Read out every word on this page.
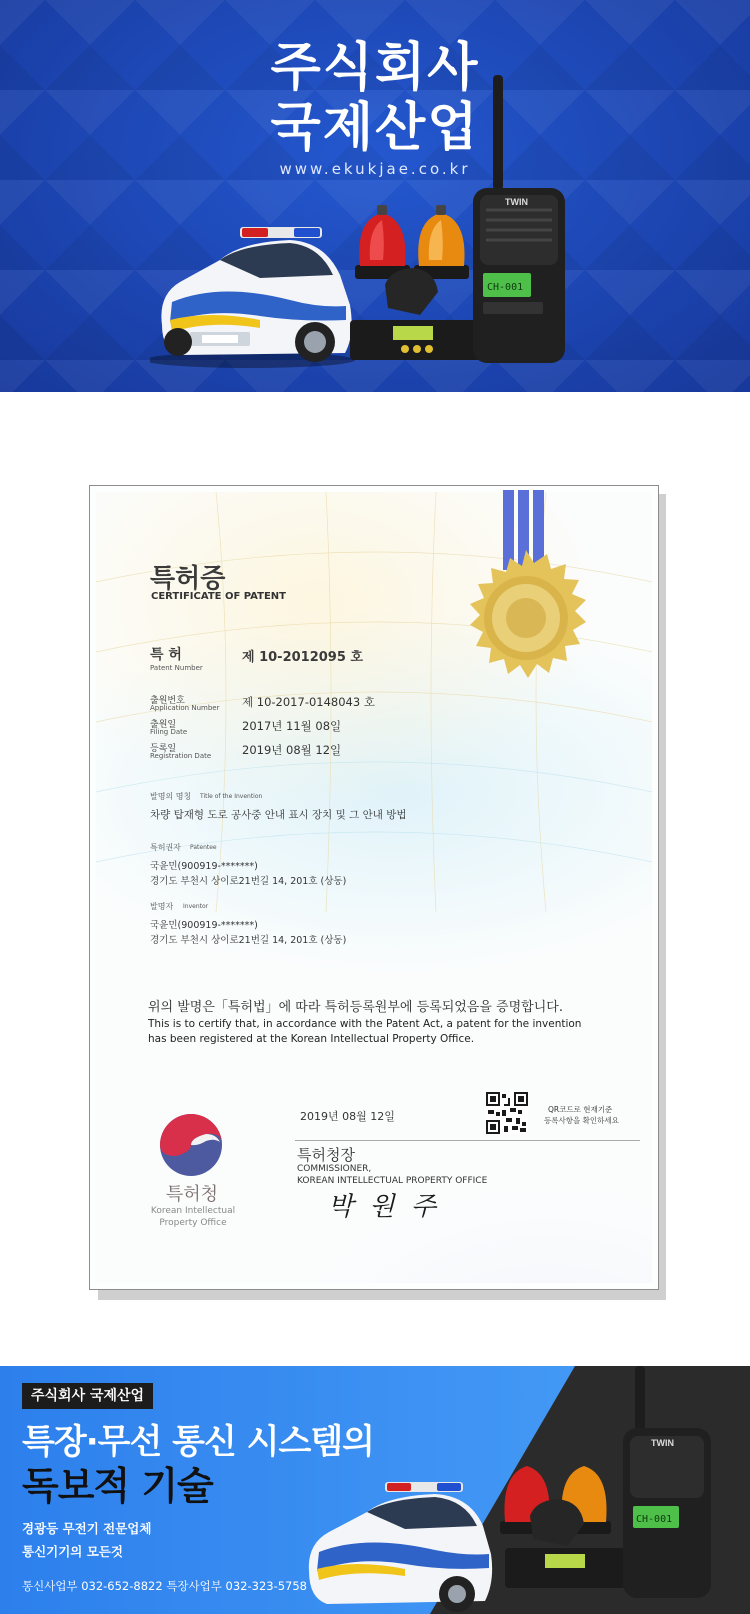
주식회사
국제산업
www.ekukjae.co.kr
TWIN
CH-001
특허증
CERTIFICATE OF PATENT
특 허
Patent Number
제 10-2012095 호
출원번호
Application Number 제 10-2017-0148043 호
출원일
Filing Date	2017년 11월 08일
등록일
Registration Date	2019년 08월 12일
발명의 명칭 Title of the Invention
차량 탑재형 도로 공사중 안내 표시 장치 및 그 안내 방법
특허권자 Patentee
국윤민(900919-*******)
경기도 부천시 상이로21번길 14, 201호 (상동)
발명자 Inventor
국윤민(900919-*******)
경기도 부천시 상이로21번길 14, 201호 (상동)
위의 발명은「특허법」에 따라 특허등록원부에 등록되었음을 증명합니다.
This is to certify that, in accordance with the Patent Act, a patent for the invention
has been registered at the Korean Intellectual Property Office.
특허청
Korean Intellectual
Property Office
2019년 08월 12일
QR코드로 현재기준
등록사항을 확인하세요
특허청장
COMMISSIONER,
KOREAN INTELLECTUAL PROPERTY OFFICE
박 원 주
주식회사 국제산업
특장·무선 통신 시스템의
독보적 기술
경광등 무전기 전문업체
통신기기의 모든것
통신사업부 032-652-8822 특장사업부 032-323-5758
TWIN
CH-001
